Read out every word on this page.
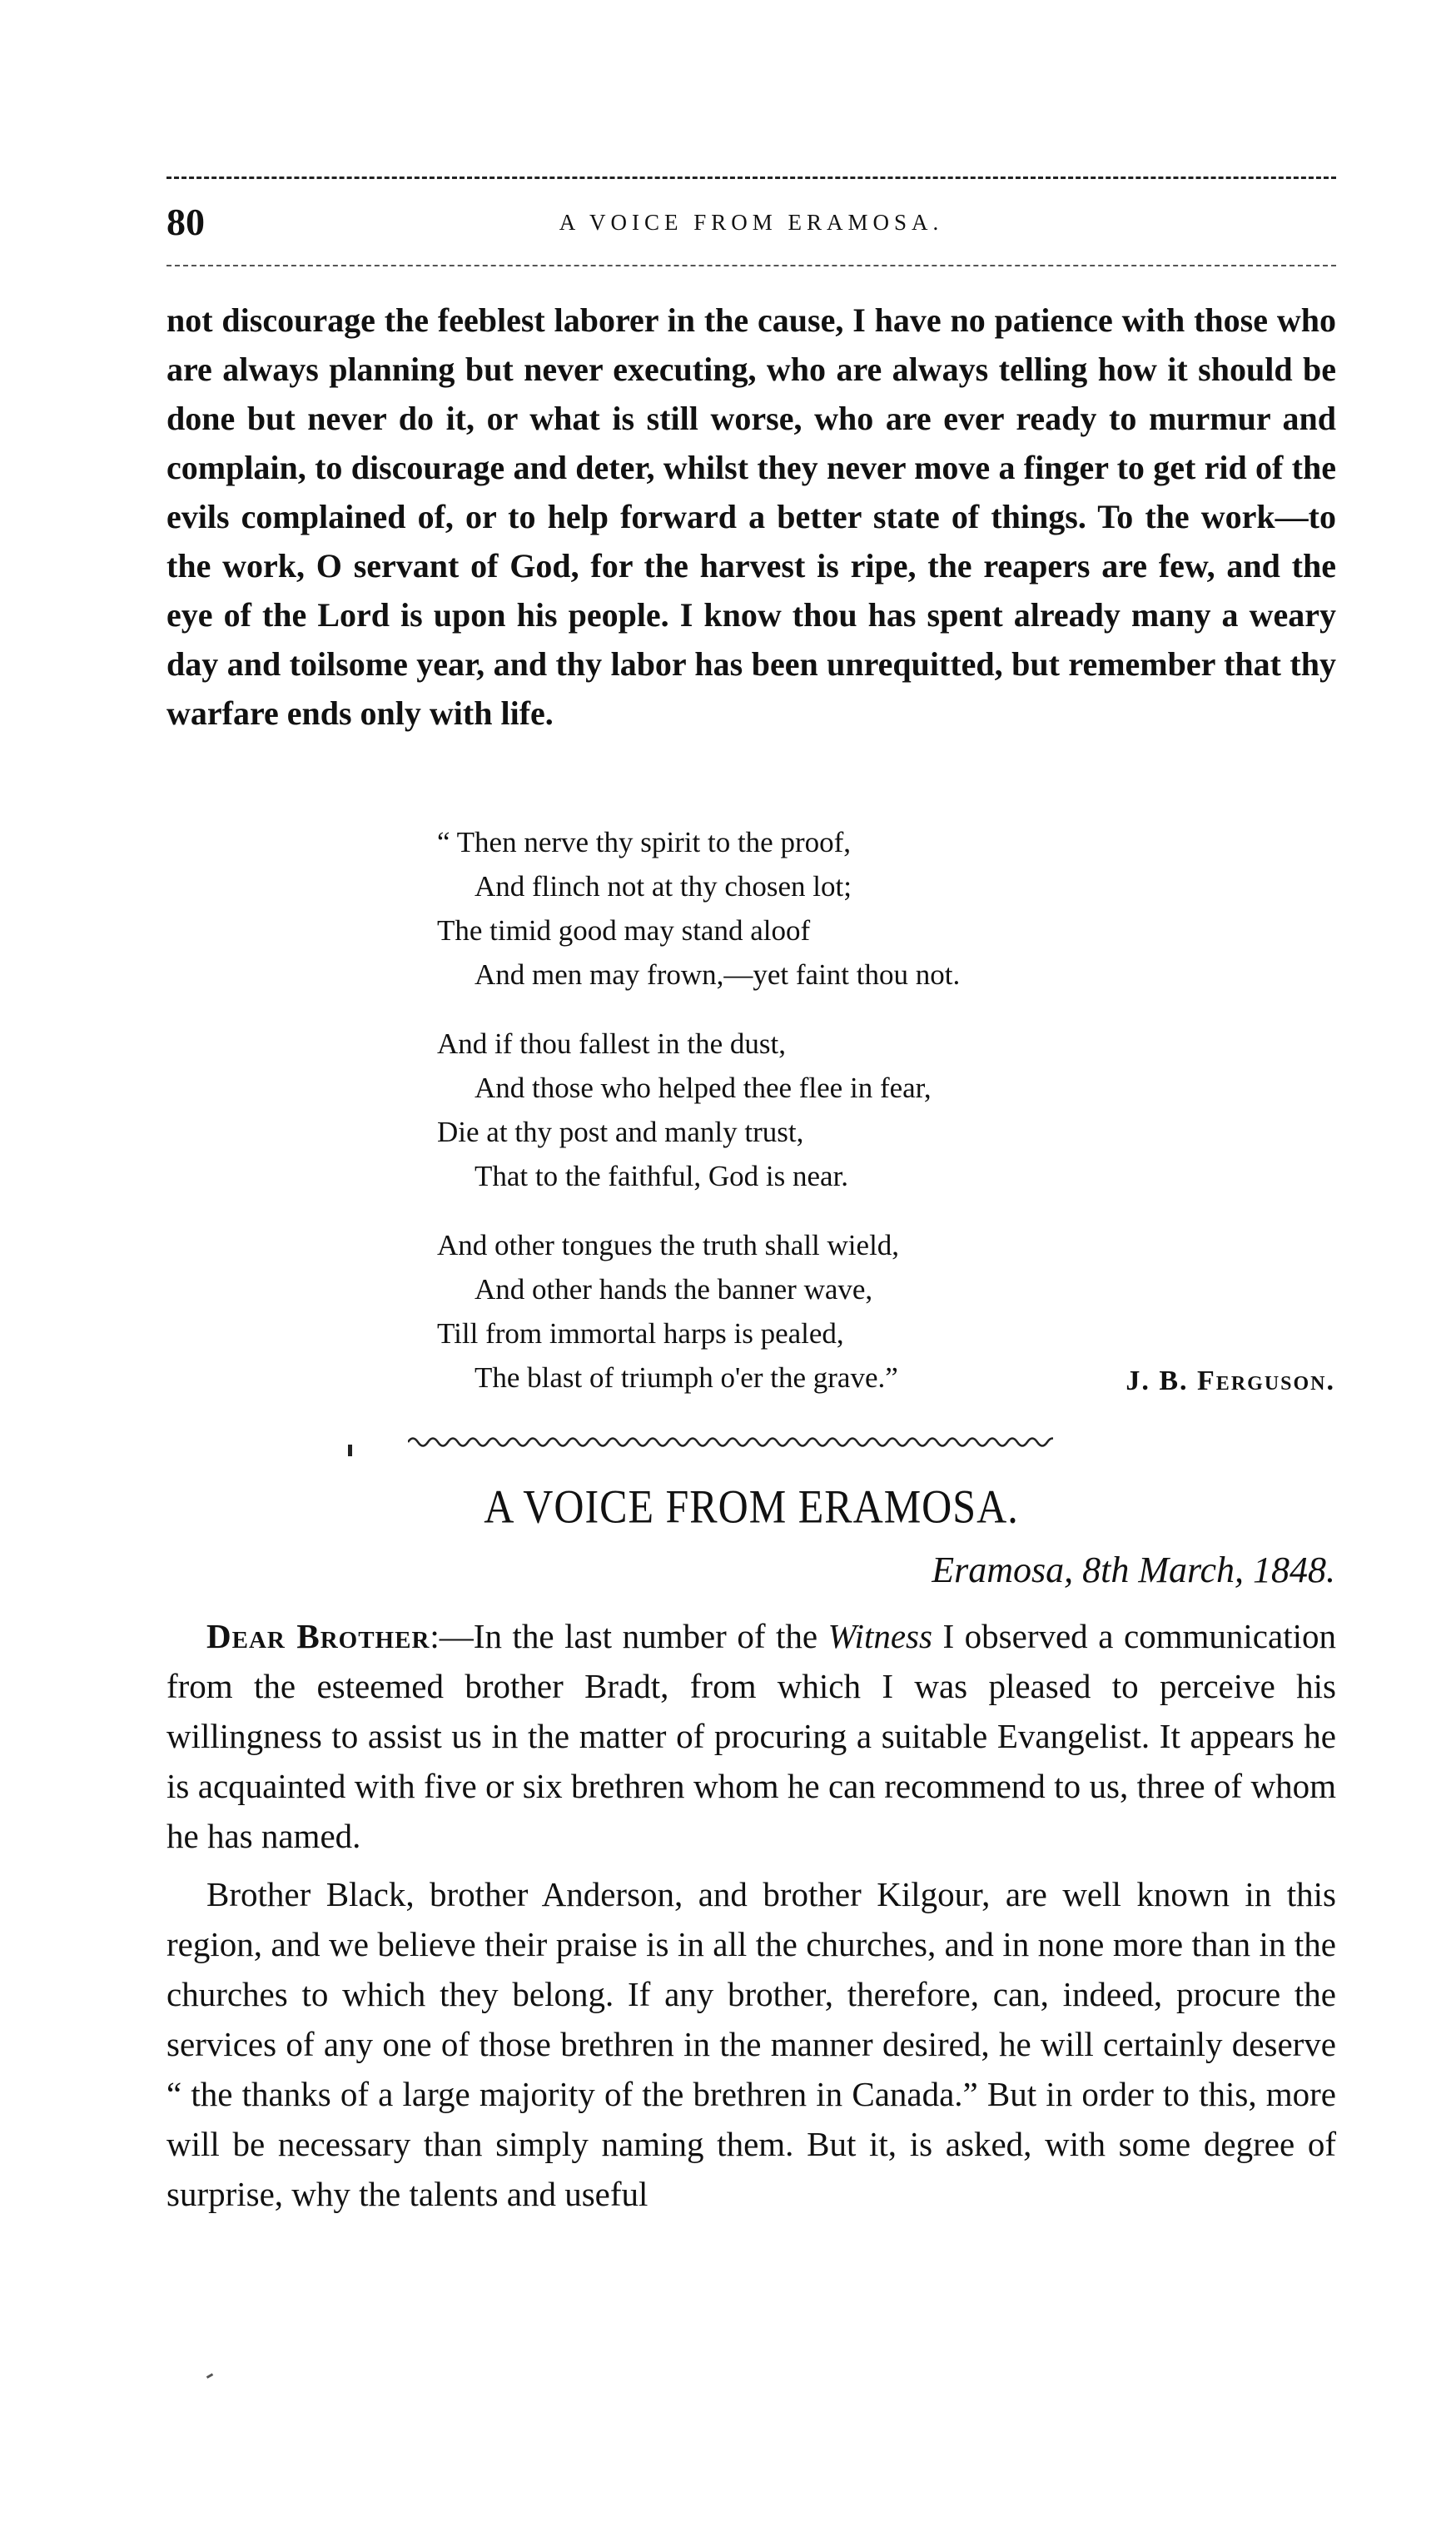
80	A VOICE FROM ERAMOSA.
not discourage the feeblest laborer in the cause, I have no patience with those who are always planning but never executing, who are always telling how it should be done but never do it, or what is still worse, who are ever ready to murmur and complain, to discourage and deter, whilst they never move a finger to get rid of the evils complained of, or to help forward a better state of things. To the work—to the work, O servant of God, for the harvest is ripe, the reapers are few, and the eye of the Lord is upon his people. I know thou has spent already many a weary day and toilsome year, and thy labor has been unrequitted, but remember that thy warfare ends only with life.
“ Then nerve thy spirit to the proof,
And flinch not at thy chosen lot;
The timid good may stand aloof
And men may frown,—yet faint thou not.
And if thou fallest in the dust,
And those who helped thee flee in fear,
Die at thy post and manly trust,
That to the faithful, God is near.
And other tongues the truth shall wield,
And other hands the banner wave,
Till from immortal harps is pealed,
The blast of triumph o'er the grave.”	J. B. Ferguson.
A VOICE FROM ERAMOSA.
Eramosa, 8th March, 1848.

Dear Brother:—In the last number of the Witness I observed a communication from the esteemed brother Bradt, from which I was pleased to perceive his willingness to assist us in the matter of procuring a suitable Evangelist. It appears he is acquainted with five or six brethren whom he can recommend to us, three of whom he has named.

Brother Black, brother Anderson, and brother Kilgour, are well known in this region, and we believe their praise is in all the churches, and in none more than in the churches to which they belong. If any brother, therefore, can, indeed, procure the services of any one of those brethren in the manner desired, he will certainly deserve “ the thanks of a large majority of the brethren in Canada.” But in order to this, more will be necessary than simply naming them. But it, is asked, with some degree of surprise, why the talents and useful
